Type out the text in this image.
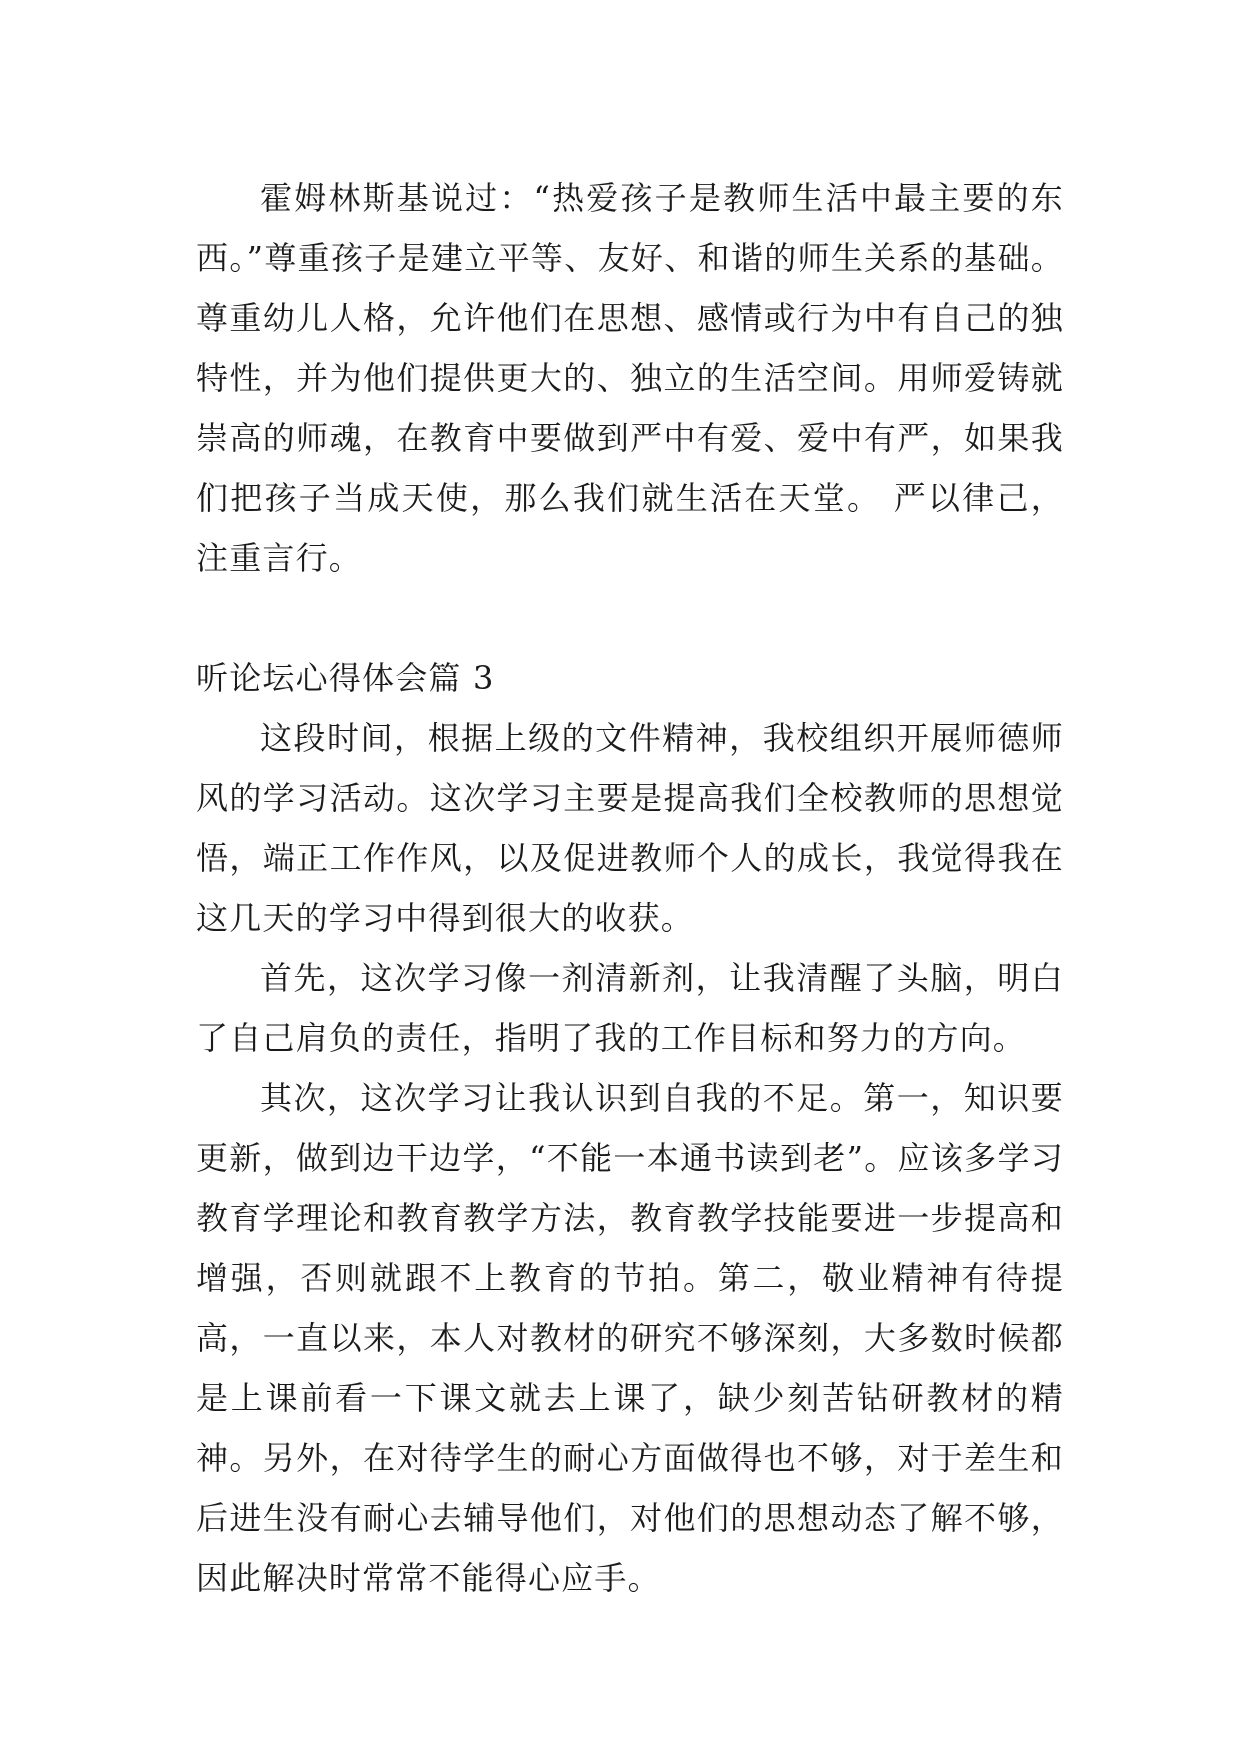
霍姆林斯基说过：“热爱孩子是教师生活中最主要的东西。”尊重孩子是建立平等、友好、和谐的师生关系的基础。尊重幼儿人格，允许他们在思想、感情或行为中有自己的独特性，并为他们提供更大的、独立的生活空间。用师爱铸就崇高的师魂，在教育中要做到严中有爱、爱中有严，如果我们把孩子当成天使，那么我们就生活在天堂。 严以律己，注重言行。

听论坛心得体会篇 3

这段时间，根据上级的文件精神，我校组织开展师德师风的学习活动。这次学习主要是提高我们全校教师的思想觉悟，端正工作作风，以及促进教师个人的成长，我觉得我在这几天的学习中得到很大的收获。

首先，这次学习像一剂清新剂，让我清醒了头脑，明白了自己肩负的责任，指明了我的工作目标和努力的方向。

其次，这次学习让我认识到自我的不足。第一，知识要更新，做到边干边学，“不能一本通书读到老”。应该多学习教育学理论和教育教学方法，教育教学技能要进一步提高和增强，否则就跟不上教育的节拍。第二，敬业精神有待提高，一直以来，本人对教材的研究不够深刻，大多数时候都是上课前看一下课文就去上课了，缺少刻苦钻研教材的精神。另外，在对待学生的耐心方面做得也不够，对于差生和后进生没有耐心去辅导他们，对他们的思想动态了解不够，因此解决时常常不能得心应手。
